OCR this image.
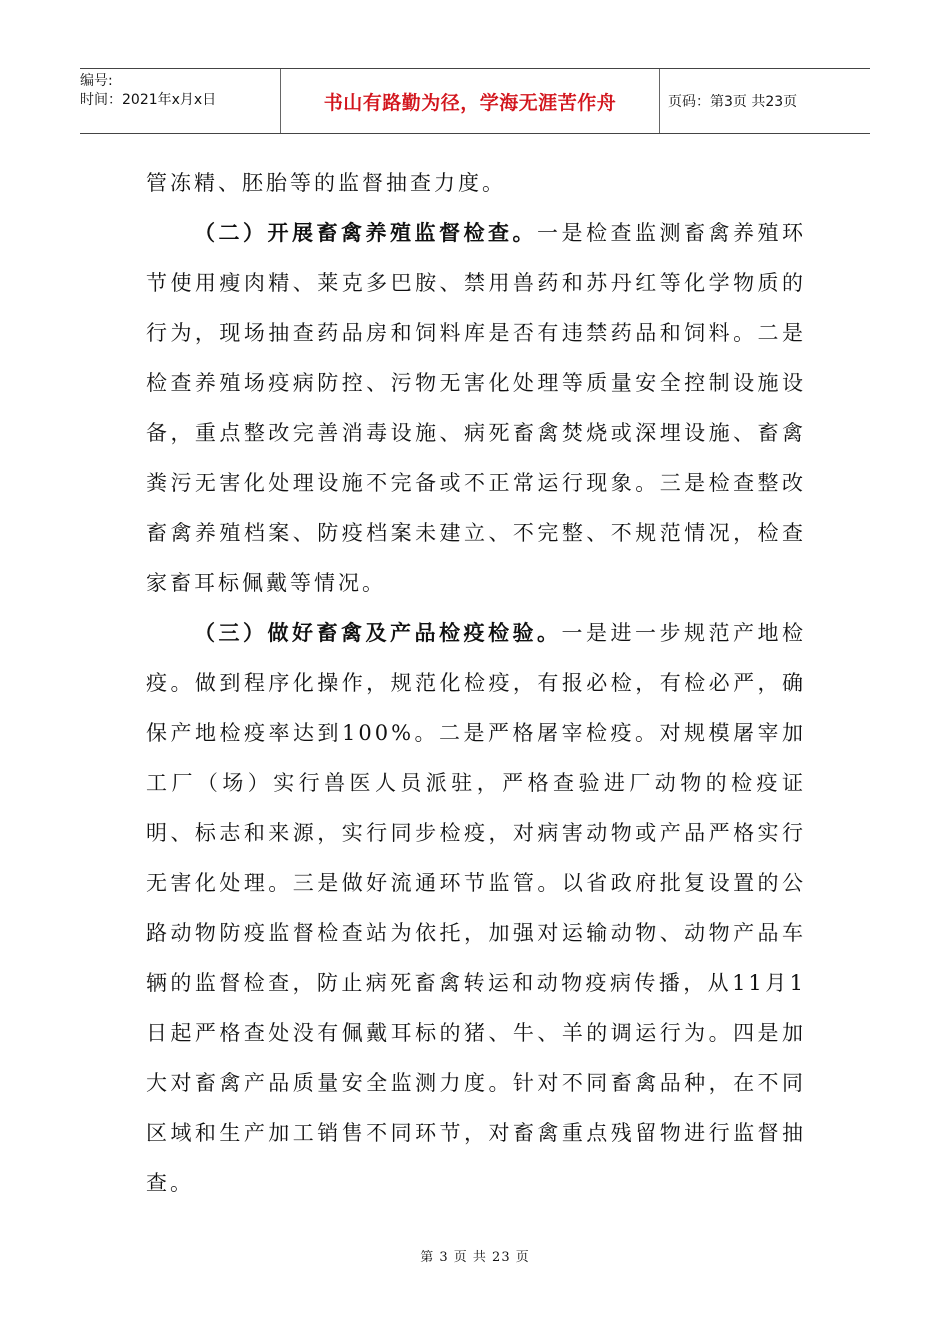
编号:
时间：2021年x月x日	书山有路勤为径，学海无涯苦作舟	页码：第3页 共23页

管冻精、胚胎等的监督抽查力度。

（二）开展畜禽养殖监督检查。一是检查监测畜禽养殖环节使用瘦肉精、莱克多巴胺、禁用兽药和苏丹红等化学物质的行为，现场抽查药品房和饲料库是否有违禁药品和饲料。二是检查养殖场疫病防控、污物无害化处理等质量安全控制设施设备，重点整改完善消毒设施、病死畜禽焚烧或深埋设施、畜禽粪污无害化处理设施不完备或不正常运行现象。三是检查整改畜禽养殖档案、防疫档案未建立、不完整、不规范情况，检查家畜耳标佩戴等情况。

（三）做好畜禽及产品检疫检验。一是进一步规范产地检疫。做到程序化操作，规范化检疫，有报必检，有检必严，确保产地检疫率达到100%。二是严格屠宰检疫。对规模屠宰加工厂（场）实行兽医人员派驻，严格查验进厂动物的检疫证明、标志和来源，实行同步检疫，对病害动物或产品严格实行无害化处理。三是做好流通环节监管。以省政府批复设置的公路动物防疫监督检查站为依托，加强对运输动物、动物产品车辆的监督检查，防止病死畜禽转运和动物疫病传播，从11月1日起严格查处没有佩戴耳标的猪、牛、羊的调运行为。四是加大对畜禽产品质量安全监测力度。针对不同畜禽品种，在不同区域和生产加工销售不同环节，对畜禽重点残留物进行监督抽查。

第 3 页 共 23 页
